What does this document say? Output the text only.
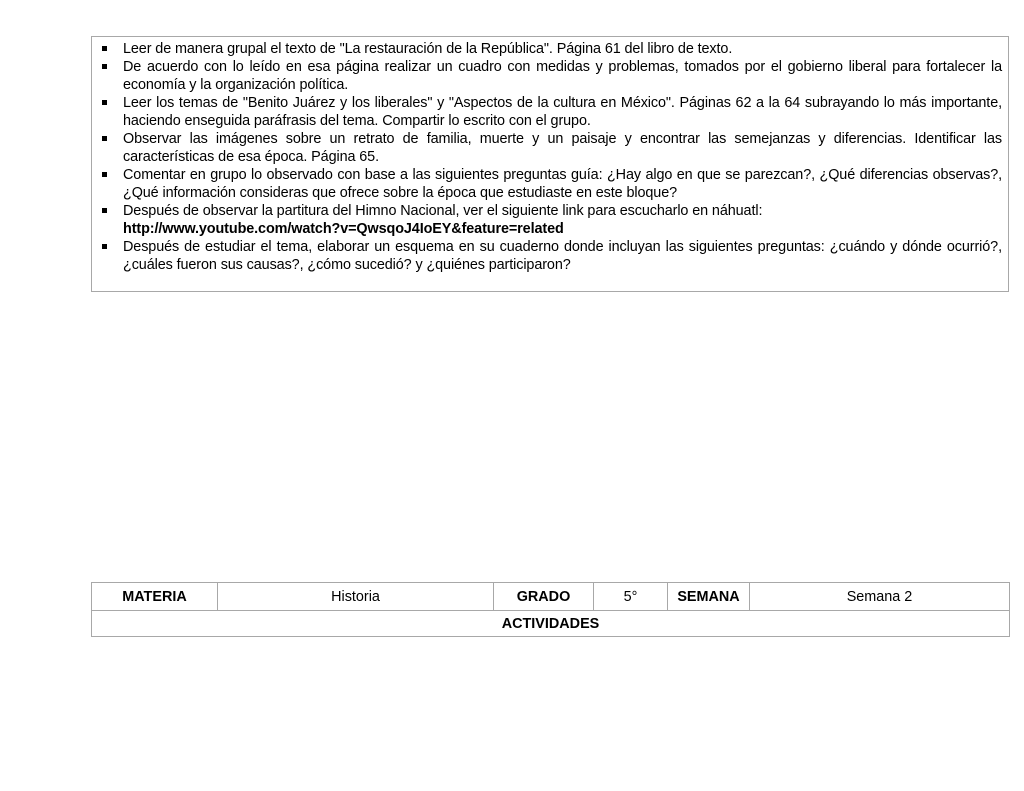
Leer de manera grupal el texto de "La restauración de la República". Página 61 del libro de texto.
De acuerdo con lo leído en esa página realizar un cuadro con medidas y problemas, tomados por el gobierno liberal para fortalecer la economía y la organización política.
Leer los temas de "Benito Juárez y los liberales" y "Aspectos de la cultura en México". Páginas 62 a la 64 subrayando lo más importante, haciendo enseguida paráfrasis del tema. Compartir lo escrito con el grupo.
Observar las imágenes sobre un retrato de familia, muerte y un paisaje y encontrar las semejanzas y diferencias. Identificar las características de esa época. Página 65.
Comentar en grupo lo observado con base a las siguientes preguntas guía: ¿Hay algo en que se parezcan?, ¿Qué diferencias observas?, ¿Qué información consideras que ofrece sobre la época que estudiaste en este bloque?
Después de observar la partitura del Himno Nacional, ver el siguiente link para escucharlo en náhuatl:
http://www.youtube.com/watch?v=QwsqoJ4IoEY&feature=related
Después de estudiar el tema, elaborar un esquema en su cuaderno donde incluyan las siguientes preguntas: ¿cuándo y dónde ocurrió?, ¿cuáles fueron sus causas?, ¿cómo sucedió? y ¿quiénes participaron?
MATERIA	Historia	GRADO	5°	SEMANA	Semana 2
ACTIVIDADES
